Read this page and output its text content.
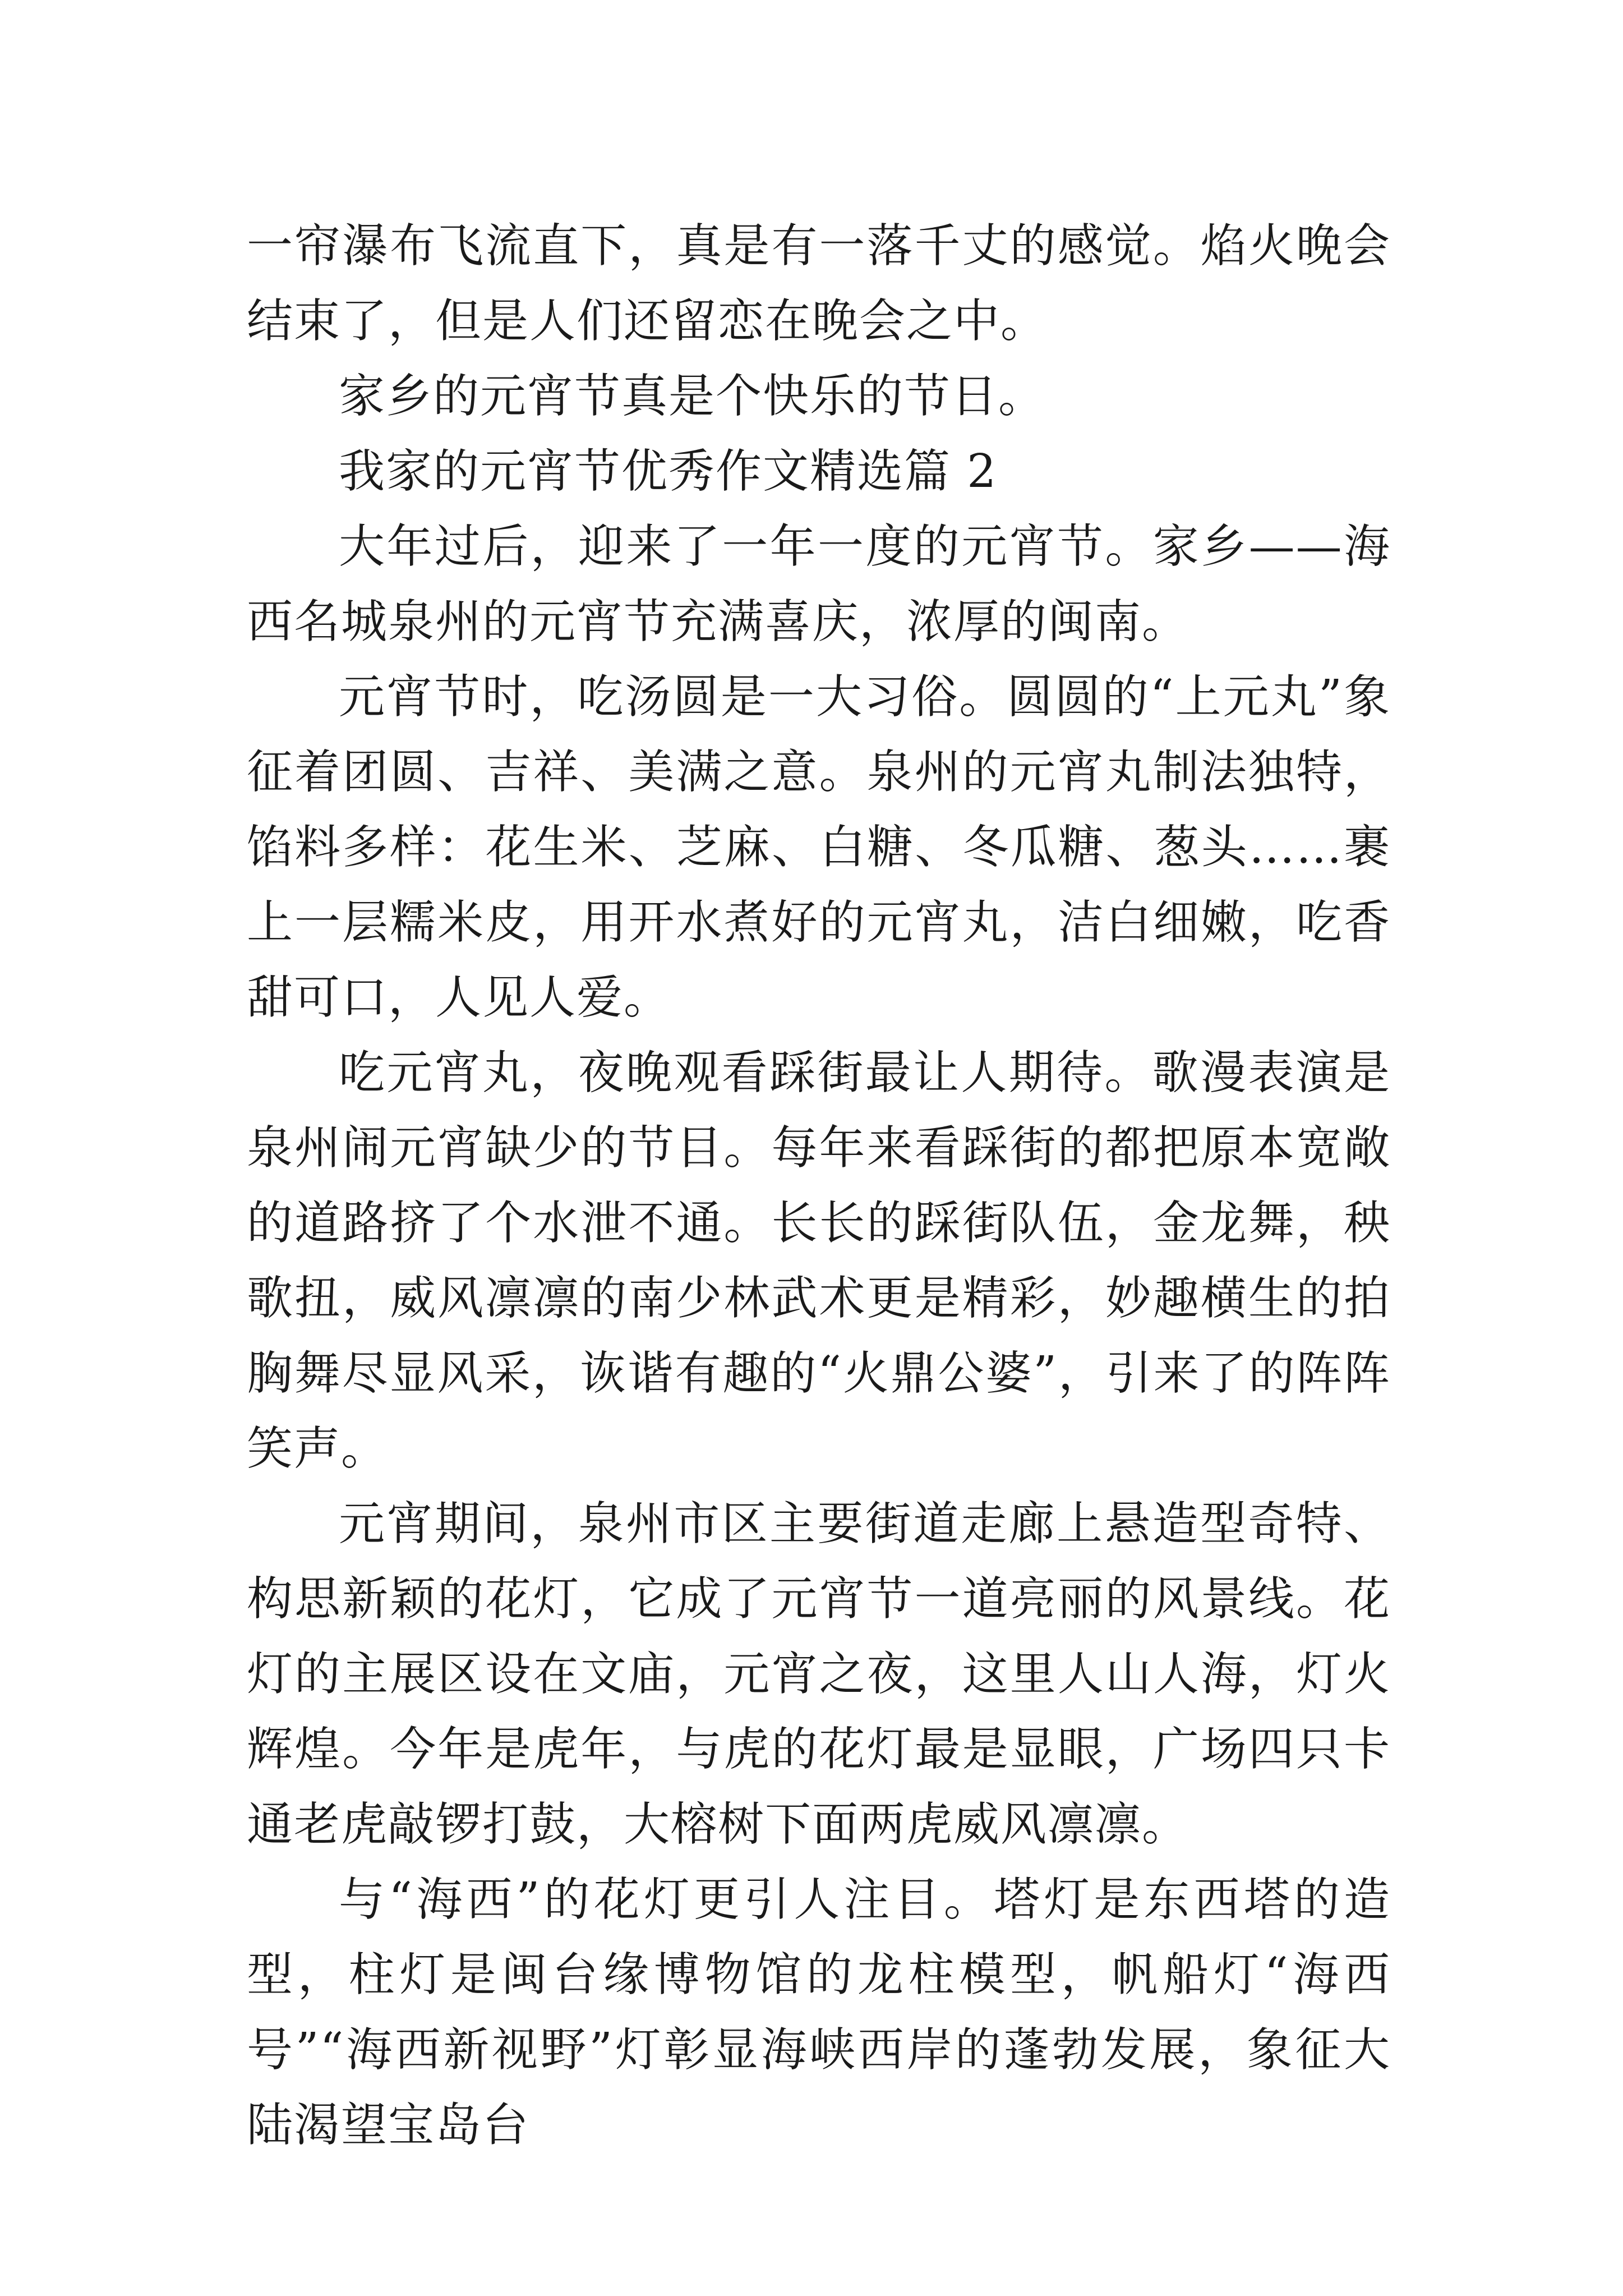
一帘瀑布飞流直下，真是有一落千丈的感觉。焰火晚会结束了，但是人们还留恋在晚会之中。

家乡的元宵节真是个快乐的节日。

我家的元宵节优秀作文精选篇 2

大年过后，迎来了一年一度的元宵节。家乡——海西名城泉州的元宵节充满喜庆，浓厚的闽南。

元宵节时，吃汤圆是一大习俗。圆圆的“上元丸”象征着团圆、吉祥、美满之意。泉州的元宵丸制法独特，馅料多样：花生米、芝麻、白糖、冬瓜糖、葱头……裹上一层糯米皮，用开水煮好的元宵丸，洁白细嫩，吃香甜可口，人见人爱。

吃元宵丸，夜晚观看踩街最让人期待。歌漫表演是泉州闹元宵缺少的节目。每年来看踩街的都把原本宽敞的道路挤了个水泄不通。长长的踩街队伍，金龙舞，秧歌扭，威风凛凛的南少林武术更是精彩，妙趣横生的拍胸舞尽显风采，诙谐有趣的“火鼎公婆”，引来了的阵阵笑声。

元宵期间，泉州市区主要街道走廊上悬造型奇特、构思新颖的花灯，它成了元宵节一道亮丽的风景线。花灯的主展区设在文庙，元宵之夜，这里人山人海，灯火辉煌。今年是虎年，与虎的花灯最是显眼，广场四只卡通老虎敲锣打鼓，大榕树下面两虎威风凛凛。

与“海西”的花灯更引人注目。塔灯是东西塔的造型，柱灯是闽台缘博物馆的龙柱模型，帆船灯“海西号”“海西新视野”灯彰显海峡西岸的蓬勃发展，象征大陆渴望宝岛台
